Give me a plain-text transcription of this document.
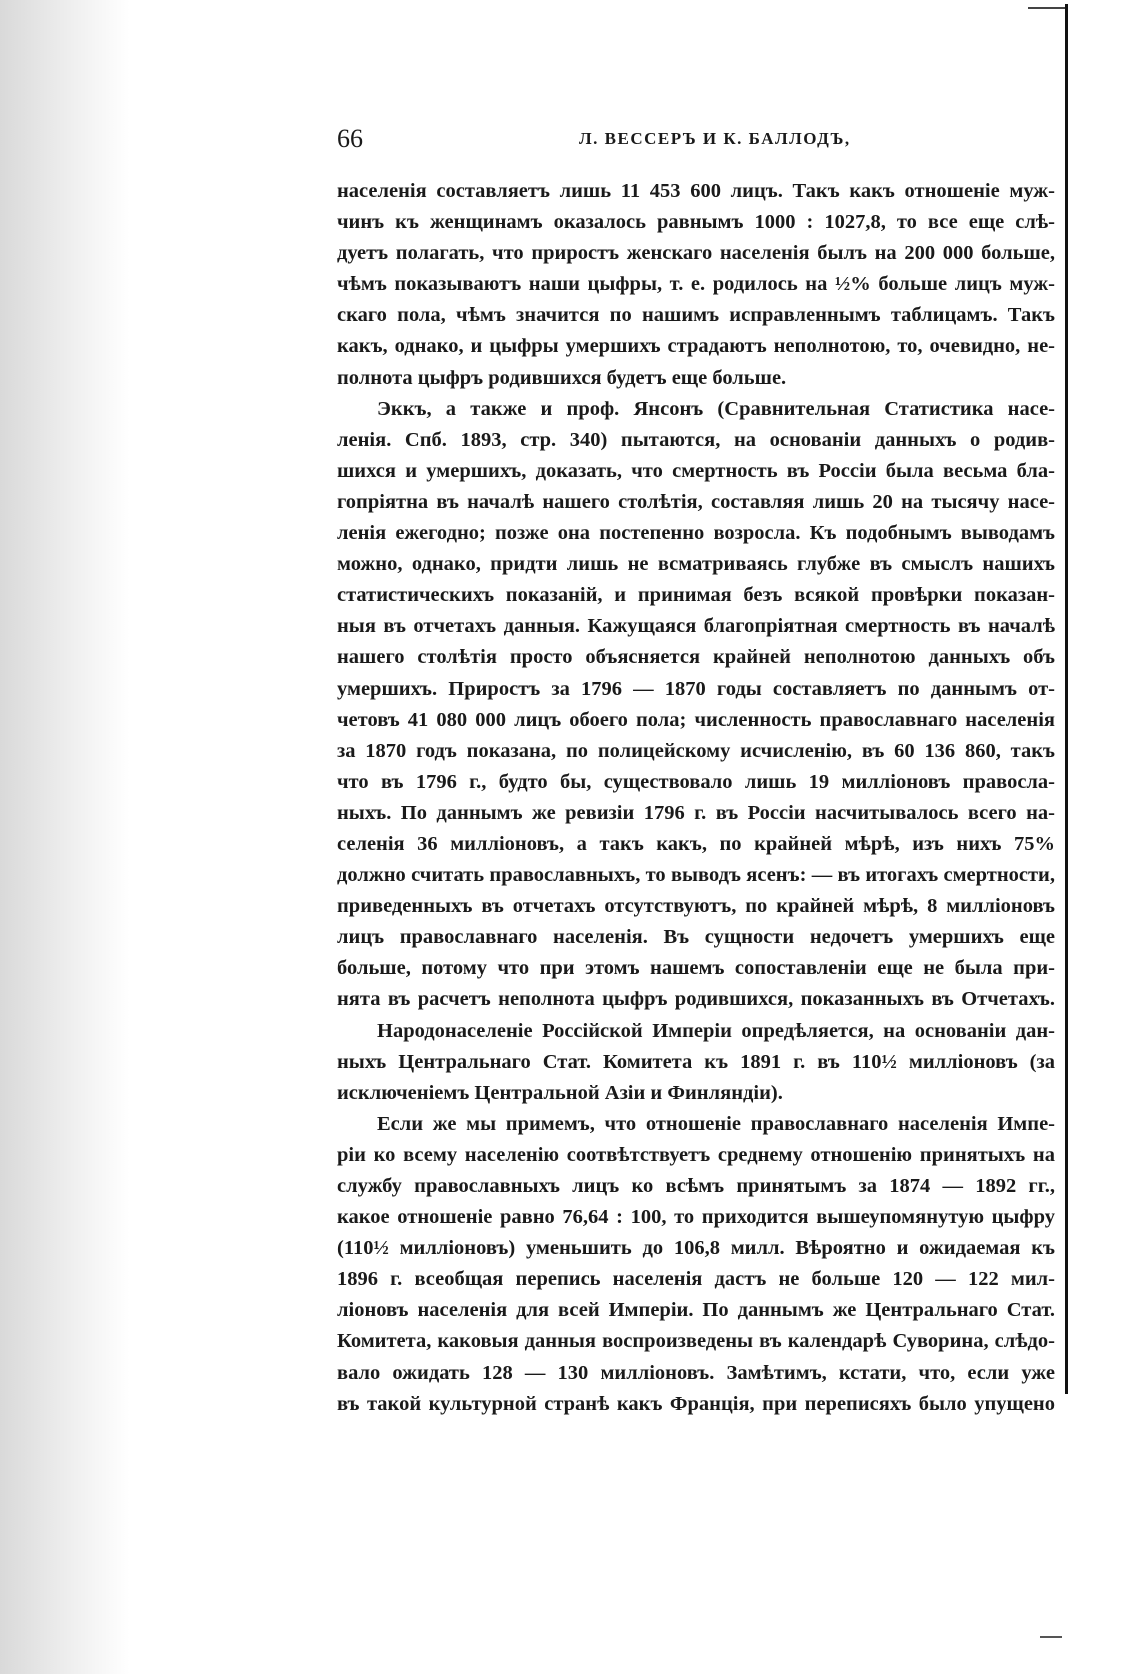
66	Л. ВЕССЕРЪ И К. БАЛЛОДЪ,
населенія составляетъ лишь 11 453 600 лицъ. Такъ какъ отношеніе муж-
чинъ къ женщинамъ оказалось равнымъ 1000 : 1027,8, то все еще слѣ-
дуетъ полагать, что приростъ женскаго населенія былъ на 200 000 больше,
чѣмъ показываютъ наши цыфры, т. е. родилось на ½% больше лицъ муж-
скаго пола, чѣмъ значится по нашимъ исправленнымъ таблицамъ. Такъ
какъ, однако, и цыфры умершихъ страдаютъ неполнотою, то, очевидно, не-
полнота цыфръ родившихся будетъ еще больше.
Эккъ, а также и проф. Янсонъ (Сравнительная Статистика насе-
ленія. Спб. 1893, стр. 340) пытаются, на основаніи данныхъ о родив-
шихся и умершихъ, доказать, что смертность въ Россіи была весьма бла-
гопріятна въ началѣ нашего столѣтія, составляя лишь 20 на тысячу насе-
ленія ежегодно; позже она постепенно возросла. Къ подобнымъ выводамъ
можно, однако, придти лишь не всматриваясь глубже въ смыслъ нашихъ
статистическихъ показаній, и принимая безъ всякой провѣрки показан-
ныя въ отчетахъ данныя. Кажущаяся благопріятная смертность въ началѣ
нашего столѣтія просто объясняется крайней неполнотою данныхъ объ
умершихъ. Приростъ за 1796 — 1870 годы составляетъ по даннымъ от-
четовъ 41 080 000 лицъ обоего пола; численность православнаго населенія
за 1870 годъ показана, по полицейскому исчисленію, въ 60 136 860, такъ
что въ 1796 г., будто бы, существовало лишь 19 милліоновъ правосла-
ныхъ. По даннымъ же ревизіи 1796 г. въ Россіи насчитывалось всего на-
селенія 36 милліоновъ, а такъ какъ, по крайней мѣрѣ, изъ нихъ 75%
должно считать православныхъ, то выводъ ясенъ: — въ итогахъ смертности,
приведенныхъ въ отчетахъ отсутствуютъ, по крайней мѣрѣ, 8 милліоновъ
лицъ православнаго населенія. Въ сущности недочетъ умершихъ еще
больше, потому что при этомъ нашемъ сопоставленіи еще не была при-
нята въ расчетъ неполнота цыфръ родившихся, показанныхъ въ Отчетахъ.
Народонаселеніе Россійской Имперіи опредѣляется, на основаніи дан-
ныхъ Центральнаго Стат. Комитета къ 1891 г. въ 110½ милліоновъ (за
исключеніемъ Центральной Азіи и Финляндіи).
Если же мы примемъ, что отношеніе православнаго населенія Импе-
ріи ко всему населенію соотвѣтствуетъ среднему отношенію принятыхъ на
службу православныхъ лицъ ко всѣмъ принятымъ за 1874 — 1892 гг.,
какое отношеніе равно 76,64 : 100, то приходится вышеупомянутую цыфру
(110½ милліоновъ) уменьшить до 106,8 милл. Вѣроятно и ожидаемая къ
1896 г. всеобщая перепись населенія дастъ не больше 120 — 122 мил-
ліоновъ населенія для всей Имперіи. По даннымъ же Центральнаго Стат.
Комитета, каковыя данныя воспроизведены въ календарѣ Суворина, слѣдо-
вало ожидать 128 — 130 милліоновъ. Замѣтимъ, кстати, что, если уже
въ такой культурной странѣ какъ Франція, при переписяхъ было упущено
